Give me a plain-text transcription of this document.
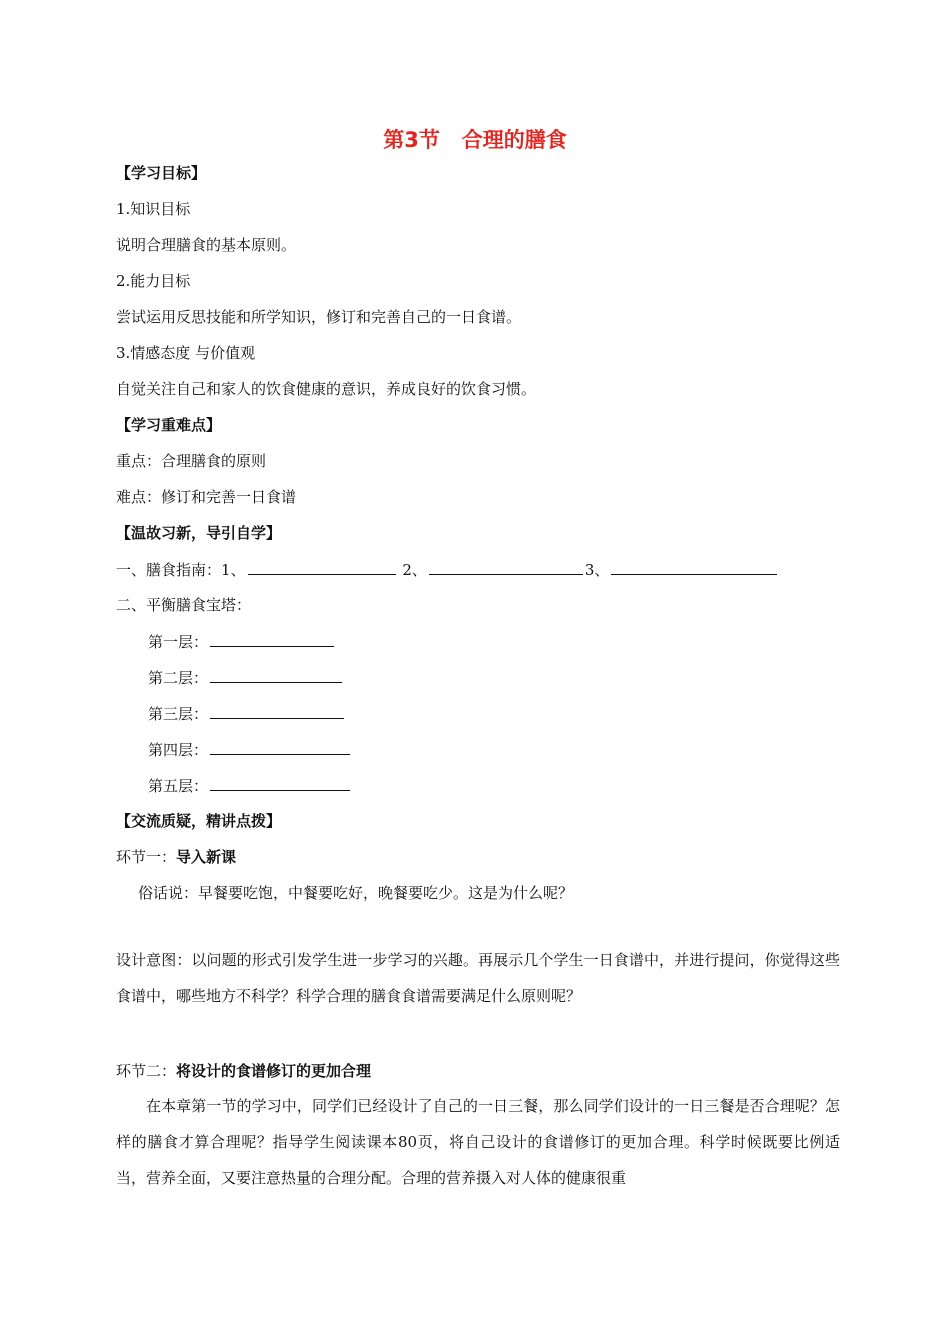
第3节 合理的膳食
【学习目标】
1.知识目标
说明合理膳食的基本原则。
2.能力目标
尝试运用反思技能和所学知识，修订和完善自己的一日食谱。
3.情感态度 与价值观
自觉关注自己和家人的饮食健康的意识，养成良好的饮食习惯。
【学习重难点】
重点：合理膳食的原则
难点：修订和完善一日食谱
【温故习新，导引自学】
一、膳食指南：1、	2、	3、
二、平衡膳食宝塔：
第一层：
第二层：
第三层：
第四层：
第五层：
【交流质疑，精讲点拨】
环节一：导入新课
俗话说：早餐要吃饱，中餐要吃好，晚餐要吃少。这是为什么呢？
设计意图：以问题的形式引发学生进一步学习的兴趣。再展示几个学生一日食谱中，并进行提问，你觉得这些食谱中，哪些地方不科学？科学合理的膳食食谱需要满足什么原则呢？
环节二：将设计的食谱修订的更加合理
在本章第一节的学习中，同学们已经设计了自己的一日三餐，那么同学们设计的一日三餐是否合理呢？怎样的膳食才算合理呢？指导学生阅读课本80页，将自己设计的食谱修订的更加合理。科学时候既要比例适当，营养全面，又要注意热量的合理分配。合理的营养摄入对人体的健康很重
